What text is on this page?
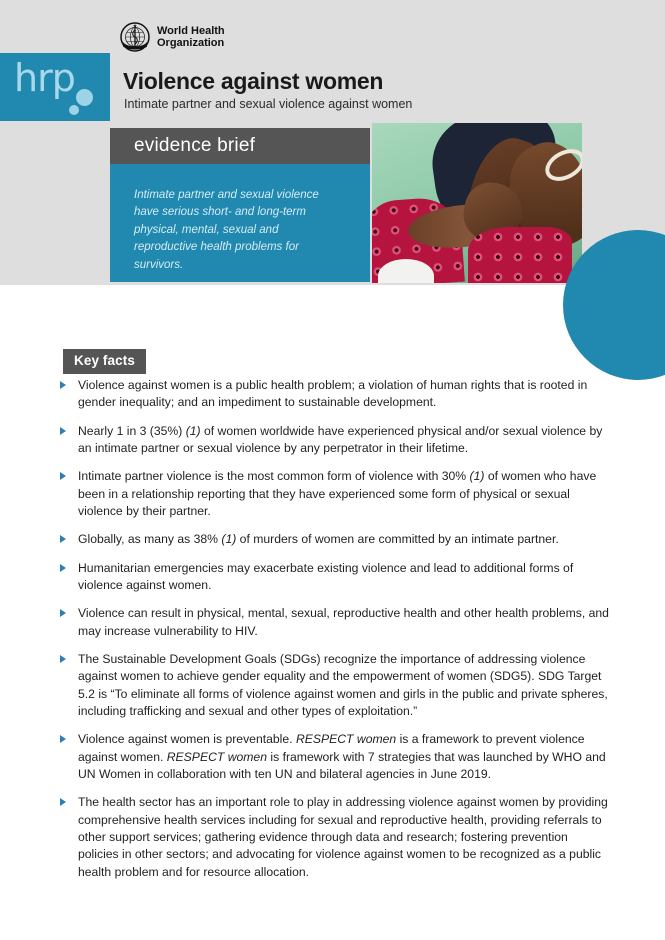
hrp
World Health
Organization
Violence against women
Intimate partner and sexual violence against women
evidence brief
Intimate partner and sexual violence have serious short- and long-term physical, mental, sexual and reproductive health problems for survivors.
Key facts
Violence against women is a public health problem; a violation of human rights that is rooted in gender inequality; and an impediment to sustainable development.
Nearly 1 in 3 (35%) (1) of women worldwide have experienced physical and/or sexual violence by an intimate partner or sexual violence by any perpetrator in their lifetime.
Intimate partner violence is the most common form of violence with 30% (1) of women who have been in a relationship reporting that they have experienced some form of physical or sexual violence by their partner.
Globally, as many as 38% (1) of murders of women are committed by an intimate partner.
Humanitarian emergencies may exacerbate existing violence and lead to additional forms of violence against women.
Violence can result in physical, mental, sexual, reproductive health and other health problems, and may increase vulnerability to HIV.
The Sustainable Development Goals (SDGs) recognize the importance of addressing violence against women to achieve gender equality and the empowerment of women (SDG5). SDG Target 5.2 is “To eliminate all forms of violence against women and girls in the public and private spheres, including trafficking and sexual and other types of exploitation.”
Violence against women is preventable. RESPECT women is a framework to prevent violence against women. RESPECT women is framework with 7 strategies that was launched by WHO and UN Women in collaboration with ten UN and bilateral agencies in June 2019.
The health sector has an important role to play in addressing violence against women by providing comprehensive health services including for sexual and reproductive health, providing referrals to other support services; gathering evidence through data and research; fostering prevention policies in other sectors; and advocating for violence against women to be recognized as a public health problem and for resource allocation.
